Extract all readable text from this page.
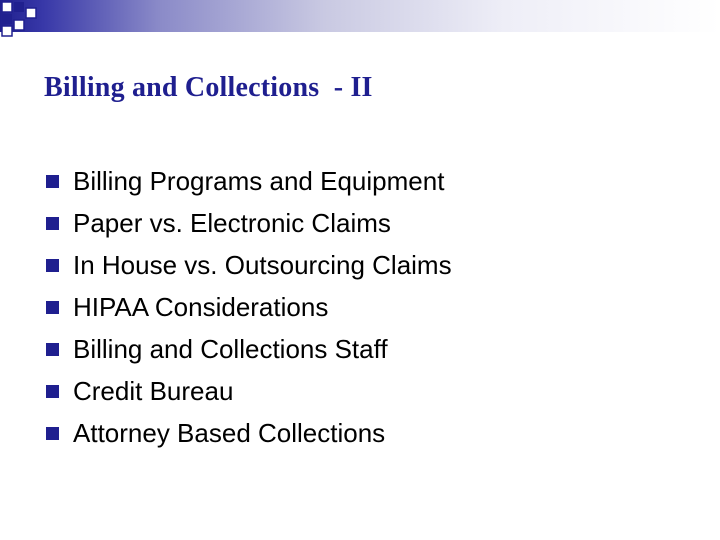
Billing and Collections  - II
Billing Programs and Equipment
Paper vs. Electronic Claims
In House vs. Outsourcing Claims
HIPAA Considerations
Billing and Collections Staff
Credit Bureau
Attorney Based Collections
